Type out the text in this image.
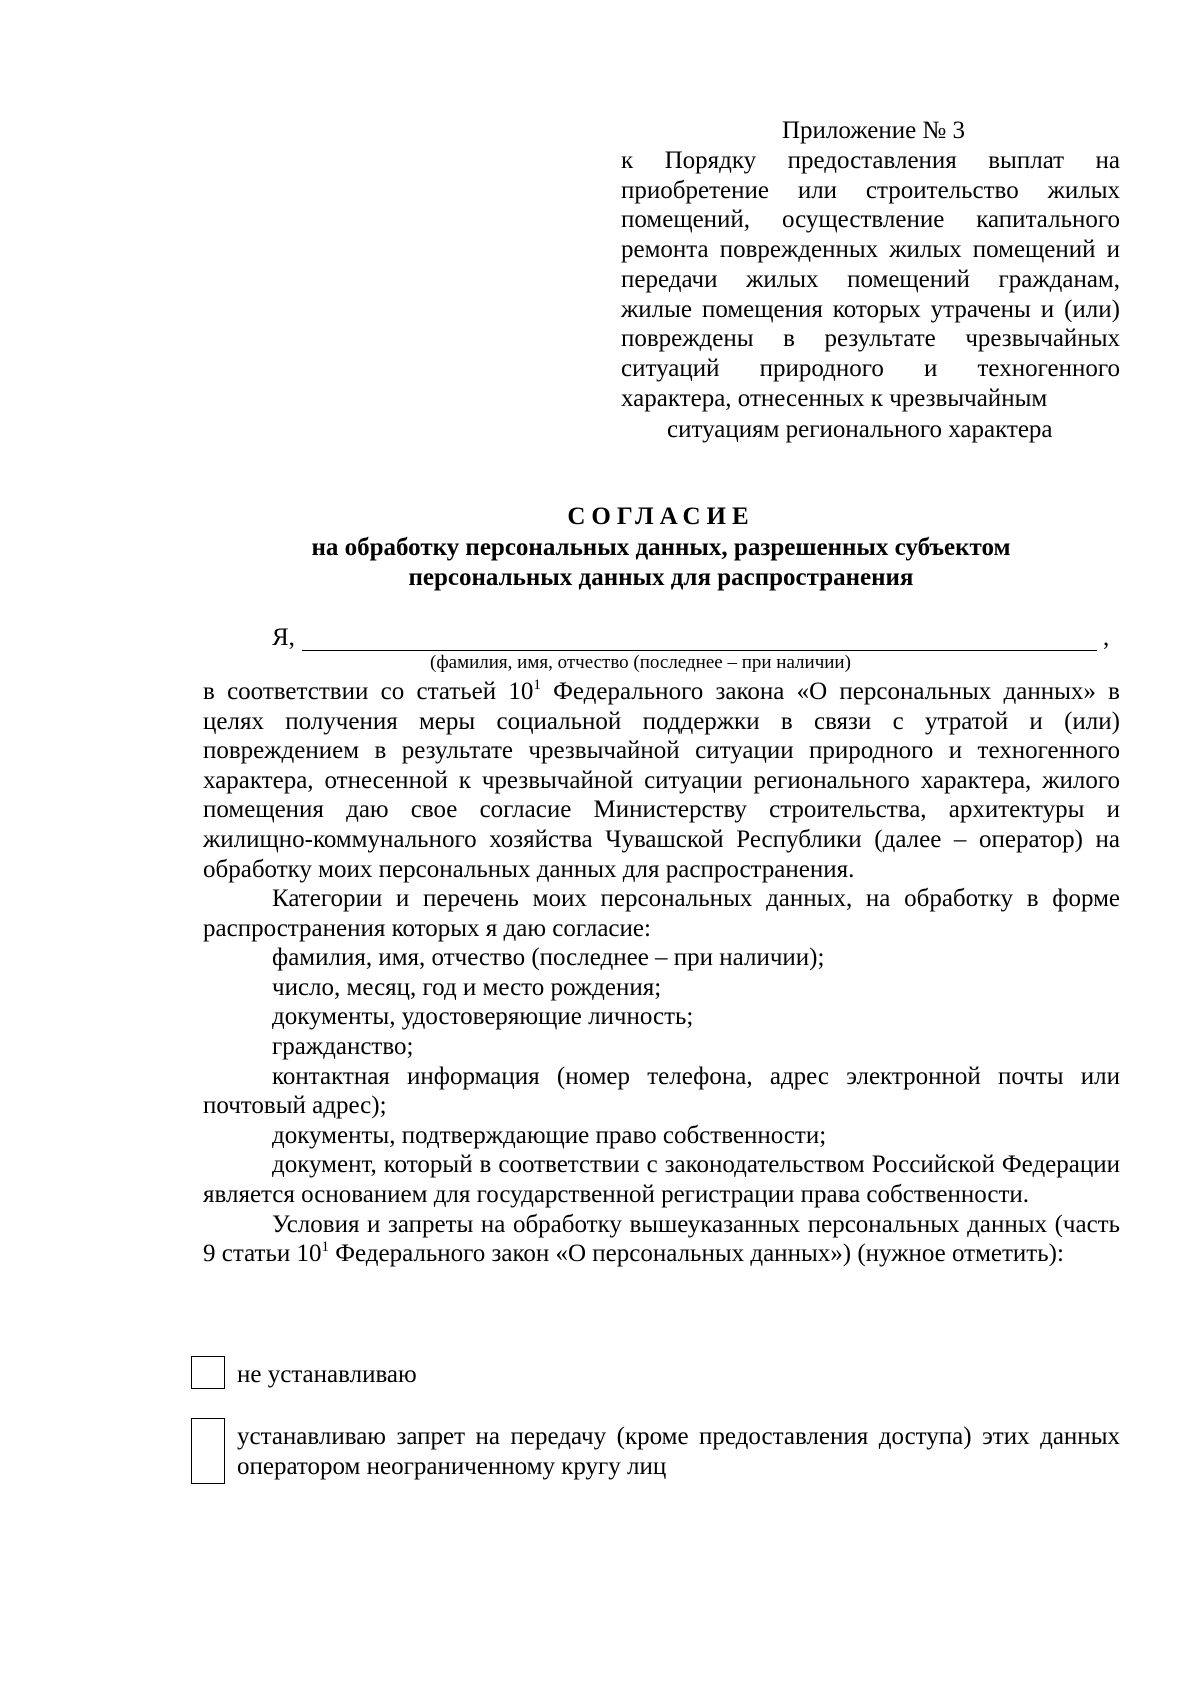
Приложение № 3
к Порядку предоставления выплат на приобретение или строительство жилых помещений, осуществление капитального ремонта поврежденных жилых помещений и передачи жилых помещений гражданам, жилые помещения которых утрачены и (или) повреждены в результате чрезвычайных ситуаций природного и техногенного характера, отнесенных к чрезвычайным
ситуациям регионального характера
СОГЛАСИЕ
на обработку персональных данных, разрешенных субъектом
персональных данных для распространения
Я,	,
(фамилия, имя, отчество (последнее – при наличии)

в соответствии со статьей $10^1$ Федерального закона «О персональных данных» в целях получения меры социальной поддержки в связи с утратой и (или) повреждением в результате чрезвычайной ситуации природного и техногенного характера, отнесенной к чрезвычайной ситуации регионального характера, жилого помещения даю свое согласие Министерству строительства, архитектуры и жилищно-коммунального хозяйства Чувашской Республики (далее – оператор) на обработку моих персональных данных для распространения.

Категории и перечень моих персональных данных, на обработку в форме распространения которых я даю согласие:

фамилия, имя, отчество (последнее – при наличии);

число, месяц, год и место рождения;

документы, удостоверяющие личность;

гражданство;

контактная информация (номер телефона, адрес электронной почты или почтовый адрес);

документы, подтверждающие право собственности;

документ, который в соответствии с законодательством Российской Федерации является основанием для государственной регистрации права собственности.

Условия и запреты на обработку вышеуказанных персональных данных (часть 9 статьи $10^1$ Федерального закон «О персональных данных») (нужное отметить):

не устанавливаю
устанавливаю запрет на передачу (кроме предоставления доступа) этих данных оператором неограниченному кругу лиц
